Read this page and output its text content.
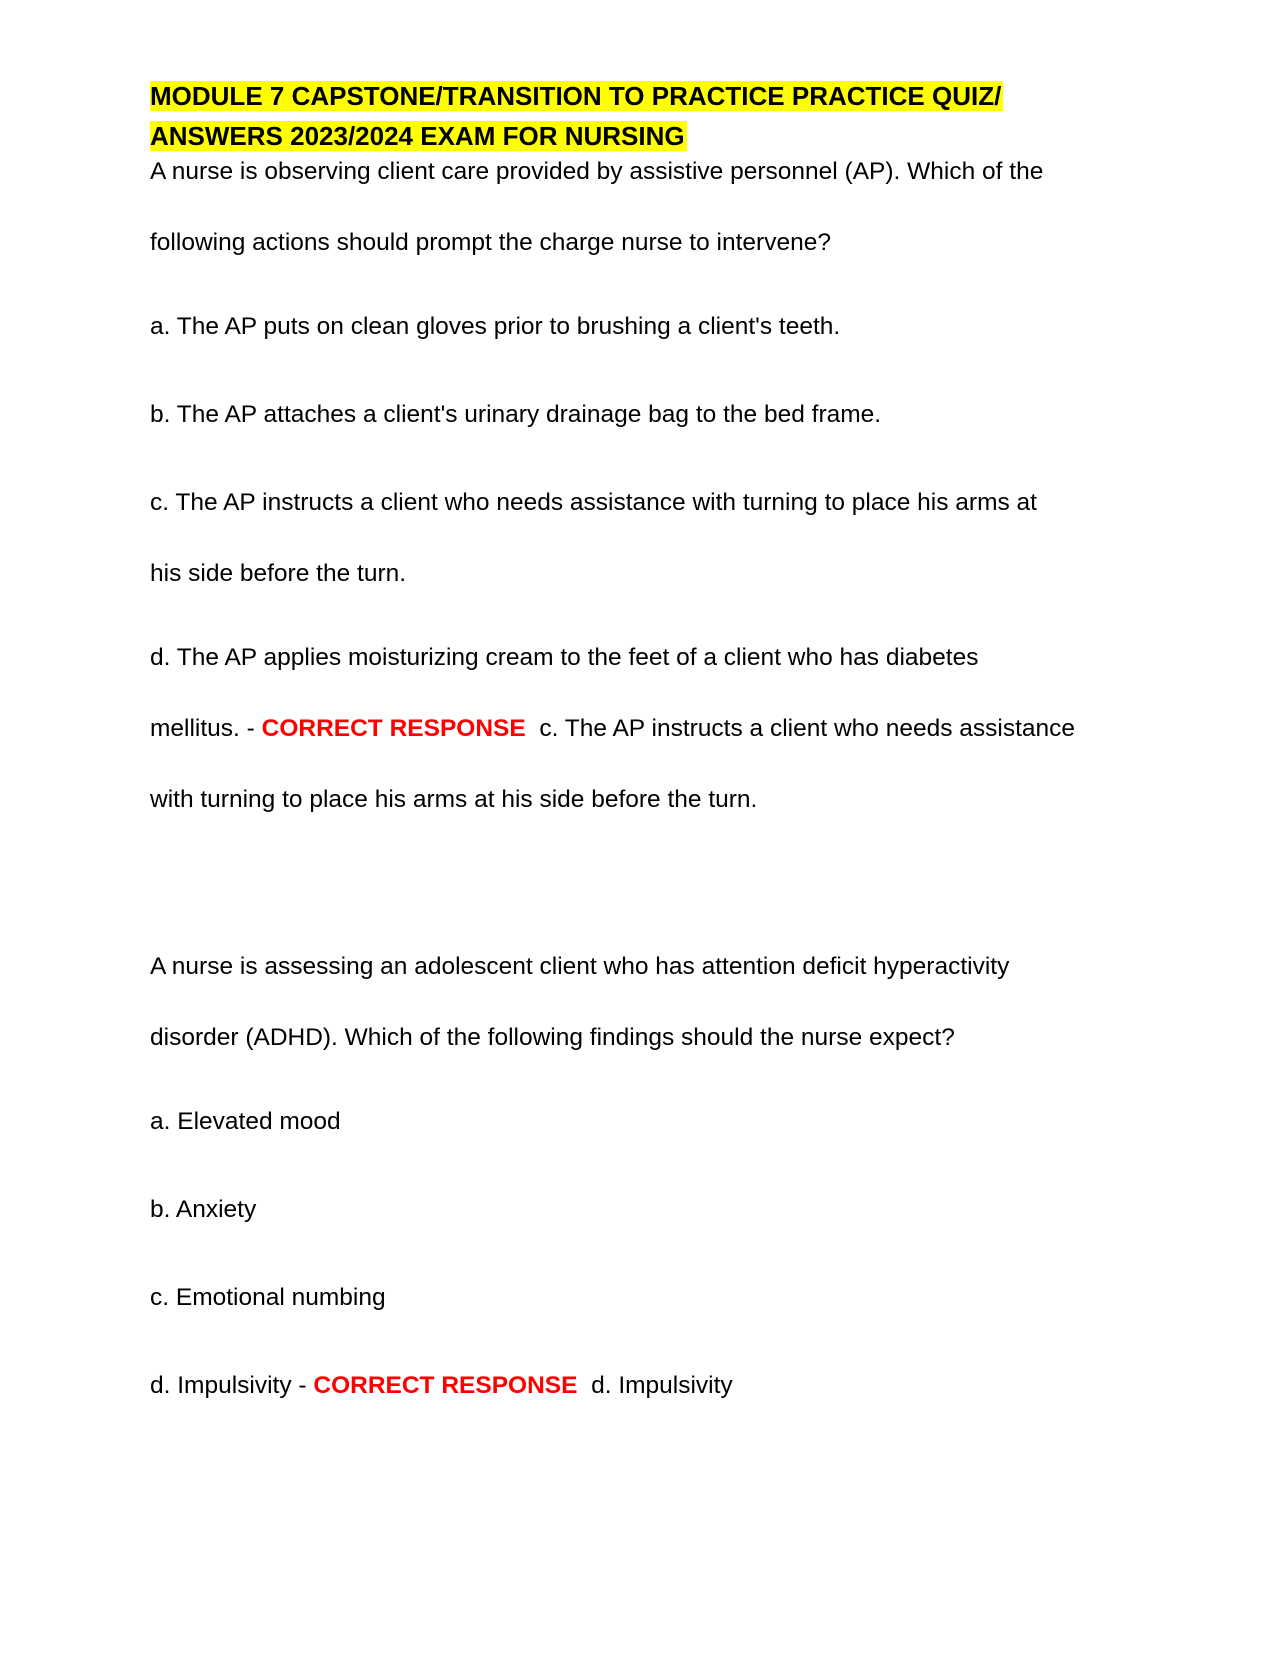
MODULE 7 CAPSTONE/TRANSITION TO PRACTICE PRACTICE QUIZ/
ANSWERS 2023/2024 EXAM FOR NURSING
A nurse is observing client care provided by assistive personnel (AP). Which of the
following actions should prompt the charge nurse to intervene?
a. The AP puts on clean gloves prior to brushing a client's teeth.
b. The AP attaches a client's urinary drainage bag to the bed frame.
c. The AP instructs a client who needs assistance with turning to place his arms at
his side before the turn.
d. The AP applies moisturizing cream to the feet of a client who has diabetes
mellitus. - CORRECT RESPONSE c. The AP instructs a client who needs assistance
with turning to place his arms at his side before the turn.
A nurse is assessing an adolescent client who has attention deficit hyperactivity
disorder (ADHD). Which of the following findings should the nurse expect?
a. Elevated mood
b. Anxiety
c. Emotional numbing
d. Impulsivity - CORRECT RESPONSE d. Impulsivity
